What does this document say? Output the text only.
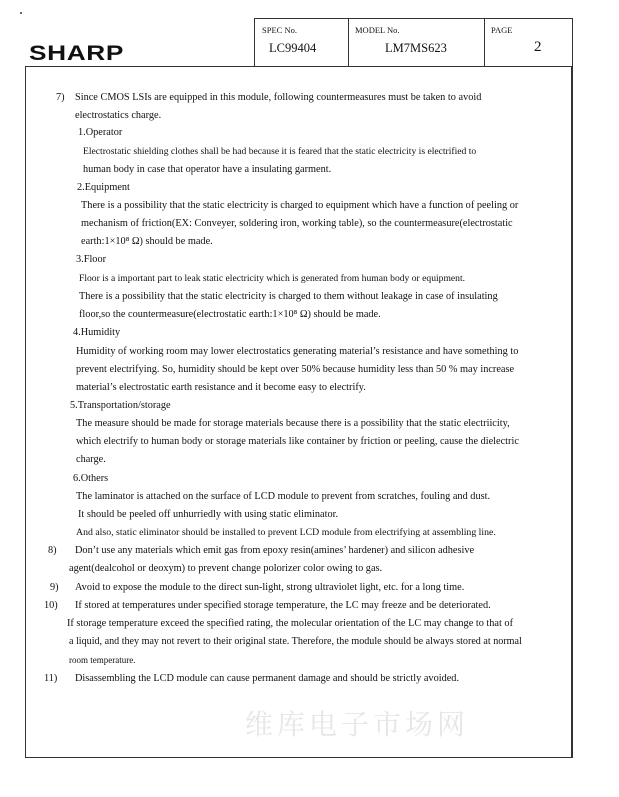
SHARP
SPEC No.
LC99404
MODEL No.
LM7MS623
PAGE
2
维库电子市场网
7) Since CMOS LSIs are equipped in this module, following countermeasures must be taken to avoid
electrostatics charge.
1.Operator
Electrostatic shielding clothes shall be had because it is feared that the static electricity is electrified to
human body in case that operator have a insulating garment.
2.Equipment
There is a possibility that the static electricity is charged to equipment which have a function of peeling or
mechanism of friction(EX: Conveyer, soldering iron, working table), so the countermeasure(electrostatic
earth:1×10⁸ Ω) should be made.
3.Floor
Floor is a important part to leak static electricity which is generated from human body or equipment.
There is a possibility that the static electricity is charged to them without leakage in case of insulating
floor,so the countermeasure(electrostatic earth:1×10⁸ Ω) should be made.
4.Humidity
Humidity of working room may lower electrostatics generating material’s resistance and have something to
prevent electrifying. So, humidity should be kept over 50% because humidity less than 50 % may increase
material’s electrostatic earth resistance and it become easy to electrify.
5.Transportation/storage
The measure should be made for storage materials because there is a possibility that the static electriicity,
which electrify to human body or storage materials like container by friction or peeling, cause the dielectric
charge.
6.Others
The laminator is attached on the surface of LCD module to prevent from scratches, fouling and dust.
It should be peeled off unhurriedly with using static eliminator.
And also, static eliminator should be installed to prevent LCD module from electrifying at assembling line.
8) Don’t use any materials which emit gas from epoxy resin(amines’ hardener) and silicon adhesive
agent(dealcohol or deoxym) to prevent change polorizer color owing to gas.
9) Avoid to expose the module to the direct sun-light, strong ultraviolet light, etc. for a long time.
10) If stored at temperatures under specified storage temperature, the LC may freeze and be deteriorated.
If storage temperature exceed the specified rating, the molecular orientation of the LC may change to that of
a liquid, and they may not revert to their original state. Therefore, the module should be always stored at normal
room temperature.
11) Disassembling the LCD module can cause permanent damage and should be strictly avoided.
